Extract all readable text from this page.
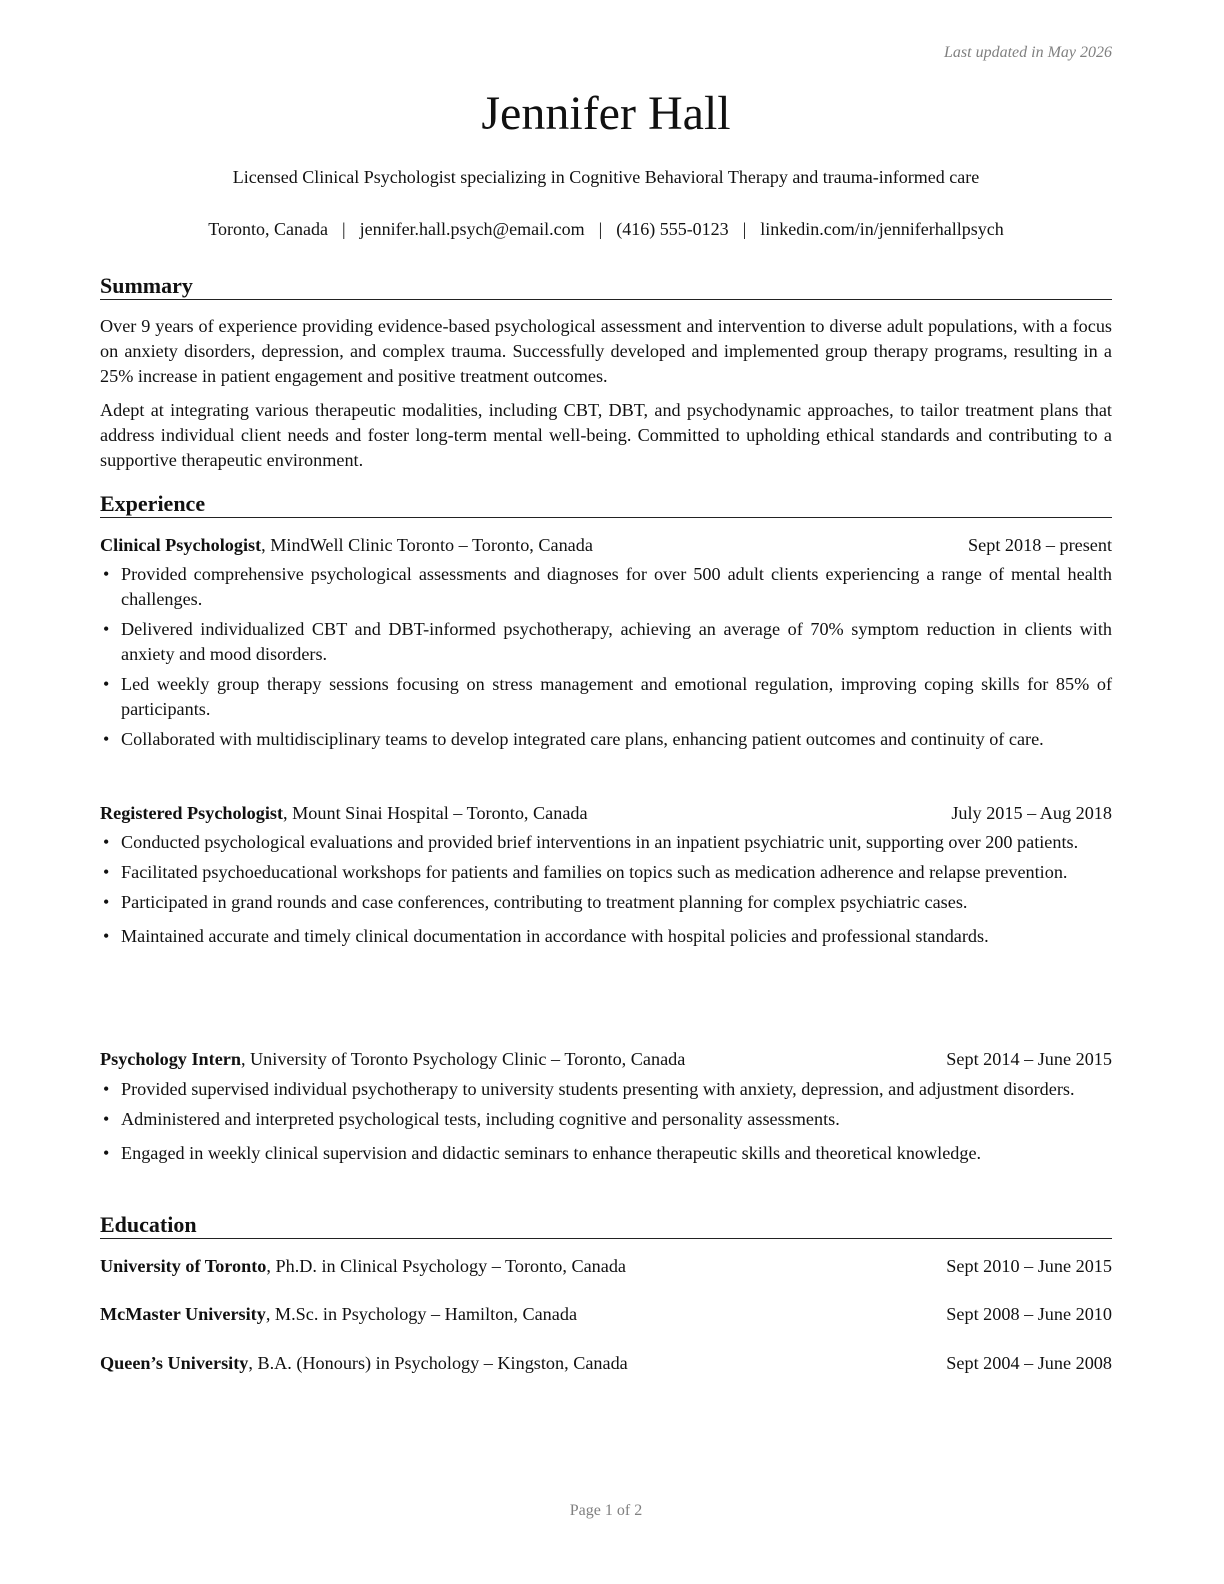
Last updated in May 2026
Jennifer Hall
Licensed Clinical Psychologist specializing in Cognitive Behavioral Therapy and trauma-informed care
Toronto, Canada | jennifer.hall.psych@email.com | (416) 555-0123 | linkedin.com/in/jenniferhallpsych
Summary

Over 9 years of experience providing evidence-based psychological assessment and intervention to diverse adult populations, with a focus on anxiety disorders, depression, and complex trauma. Successfully developed and implemented group therapy programs, resulting in a 25% increase in patient engagement and positive treatment outcomes.

Adept at integrating various therapeutic modalities, including CBT, DBT, and psychodynamic approaches, to tailor treatment plans that address individual client needs and foster long-term mental well-being. Committed to upholding ethical standards and contributing to a supportive therapeutic environment.

Experience
Clinical Psychologist, MindWell Clinic Toronto – Toronto, Canada	Sept 2018 – present
• Provided comprehensive psychological assessments and diagnoses for over 500 adult clients experiencing a range of mental health challenges.
• Delivered individualized CBT and DBT-informed psychotherapy, achieving an average of 70% symptom reduction in clients with anxiety and mood disorders.
• Led weekly group therapy sessions focusing on stress management and emotional regulation, improving coping skills for 85% of participants.
• Collaborated with multidisciplinary teams to develop integrated care plans, enhancing patient outcomes and continuity of care.
Registered Psychologist, Mount Sinai Hospital – Toronto, Canada	July 2015 – Aug 2018
• Conducted psychological evaluations and provided brief interventions in an inpatient psychiatric unit, supporting over 200 patients.
• Facilitated psychoeducational workshops for patients and families on topics such as medication adherence and relapse prevention.
• Participated in grand rounds and case conferences, contributing to treatment planning for complex psychiatric cases.
• Maintained accurate and timely clinical documentation in accordance with hospital policies and professional standards.
Psychology Intern, University of Toronto Psychology Clinic – Toronto, Canada	Sept 2014 – June 2015
• Provided supervised individual psychotherapy to university students presenting with anxiety, depression, and adjustment disorders.
• Administered and interpreted psychological tests, including cognitive and personality assessments.
• Engaged in weekly clinical supervision and didactic seminars to enhance therapeutic skills and theoretical knowledge.
Education
University of Toronto, Ph.D. in Clinical Psychology – Toronto, Canada	Sept 2010 – June 2015
McMaster University, M.Sc. in Psychology – Hamilton, Canada	Sept 2008 – June 2010
Queen’s University, B.A. (Honours) in Psychology – Kingston, Canada	Sept 2004 – June 2008
Page 1 of 2
